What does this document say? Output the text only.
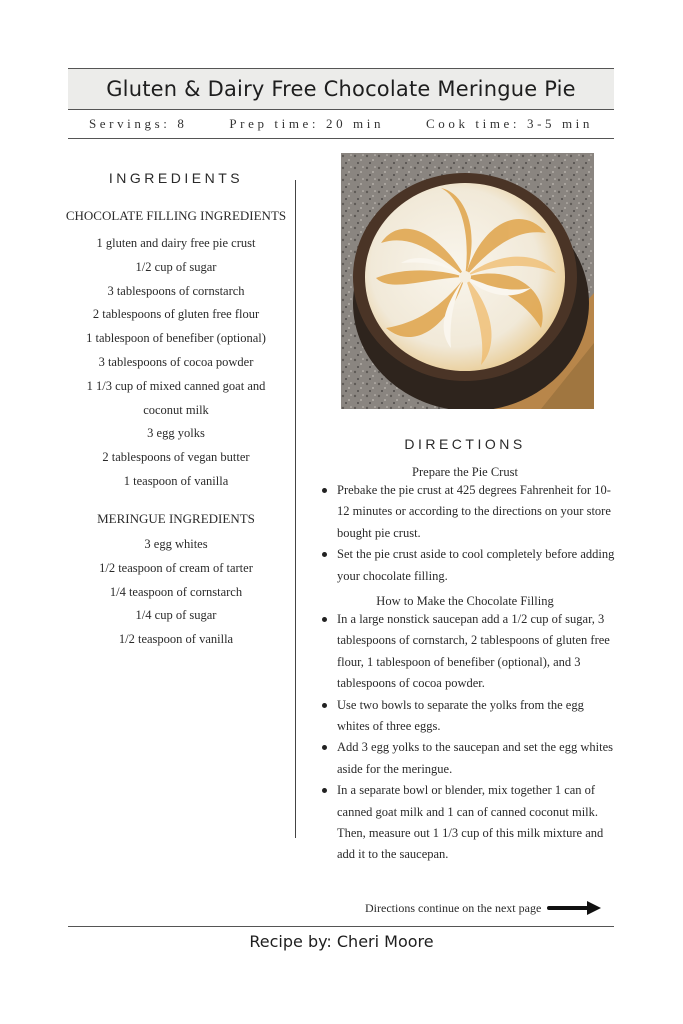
Gluten & Dairy Free Chocolate Meringue Pie
Servings: 8	Prep time: 20 min	Cook time: 3-5 min
INGREDIENTS
CHOCOLATE FILLING INGREDIENTS
1 gluten and dairy free pie crust
1/2 cup of sugar
3 tablespoons of cornstarch
2 tablespoons of gluten free flour
1 tablespoon of benefiber (optional)
3 tablespoons of cocoa powder
1 1/3 cup of mixed canned goat and
coconut milk
3 egg yolks
2 tablespoons of vegan butter
1 teaspoon of vanilla
MERINGUE INGREDIENTS
3 egg whites
1/2 teaspoon of cream of tarter
1/4 teaspoon of cornstarch
1/4 cup of sugar
1/2 teaspoon of vanilla
DIRECTIONS
Prepare the Pie Crust
Prebake the pie crust at 425 degrees Fahrenheit for 10-12 minutes or according to the directions on your store bought pie crust.
Set the pie crust aside to cool completely before adding your chocolate filling.
How to Make the Chocolate Filling
In a large nonstick saucepan add a 1/2 cup of sugar, 3 tablespoons of cornstarch, 2 tablespoons of gluten free flour, 1 tablespoon of benefiber (optional), and 3 tablespoons of cocoa powder.
Use two bowls to separate the yolks from the egg whites of three eggs.
Add 3 egg yolks to the saucepan and set the egg whites aside for the meringue.
In a separate bowl or blender, mix together 1 can of canned goat milk and 1 can of canned coconut milk. Then, measure out 1 1/3 cup of this milk mixture and add it to the saucepan.
Directions continue on the next page
Recipe by: Cheri Moore
